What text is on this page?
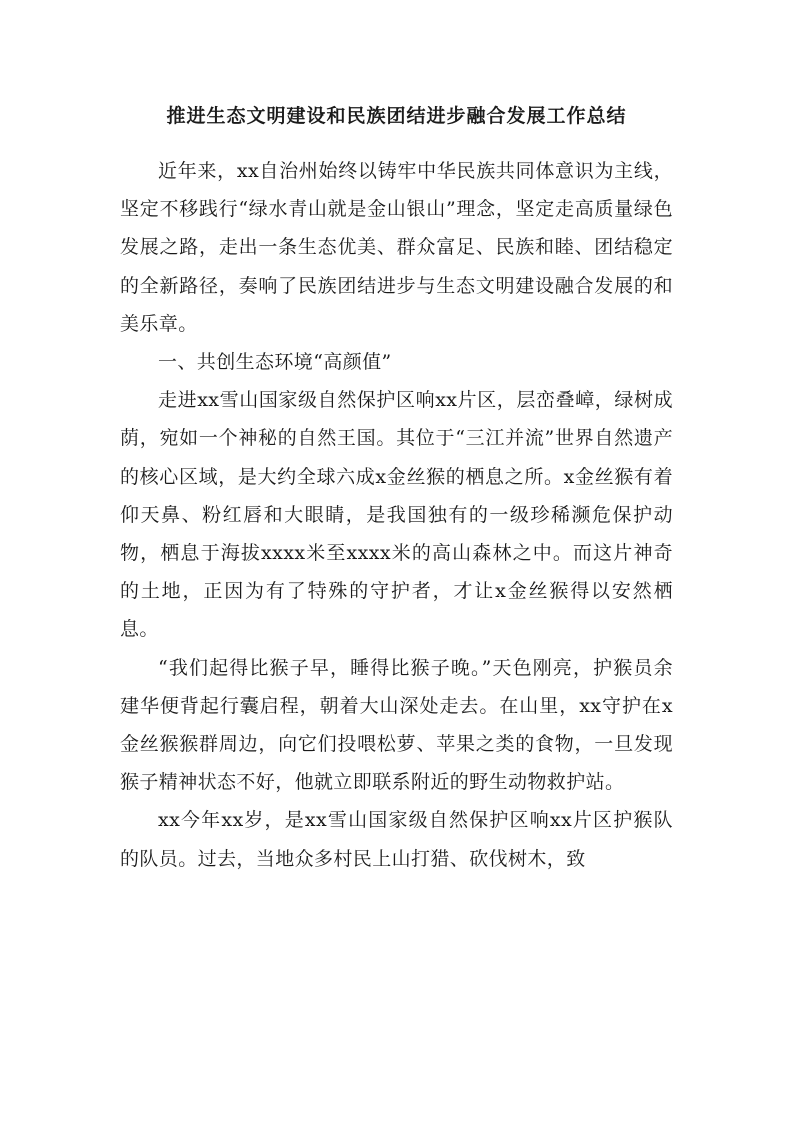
推进生态文明建设和民族团结进步融合发展工作总结

近年来，xx自治州始终以铸牢中华民族共同体意识为主线，坚定不移践行“绿水青山就是金山银山”理念，坚定走高质量绿色发展之路，走出一条生态优美、群众富足、民族和睦、团结稳定的全新路径，奏响了民族团结进步与生态文明建设融合发展的和美乐章。

一、共创生态环境“高颜值”

走进xx雪山国家级自然保护区响xx片区，层峦叠嶂，绿树成荫，宛如一个神秘的自然王国。其位于“三江并流”世界自然遗产的核心区域，是大约全球六成x金丝猴的栖息之所。x金丝猴有着仰天鼻、粉红唇和大眼睛，是我国独有的一级珍稀濒危保护动物，栖息于海拔xxxx米至xxxx米的高山森林之中。而这片神奇的土地，正因为有了特殊的守护者，才让x金丝猴得以安然栖息。

“我们起得比猴子早，睡得比猴子晚。”天色刚亮，护猴员余建华便背起行囊启程，朝着大山深处走去。在山里，xx守护在x金丝猴猴群周边，向它们投喂松萝、苹果之类的食物，一旦发现猴子精神状态不好，他就立即联系附近的野生动物救护站。

xx今年xx岁，是xx雪山国家级自然保护区响xx片区护猴队的队员。过去，当地众多村民上山打猎、砍伐树木，致
